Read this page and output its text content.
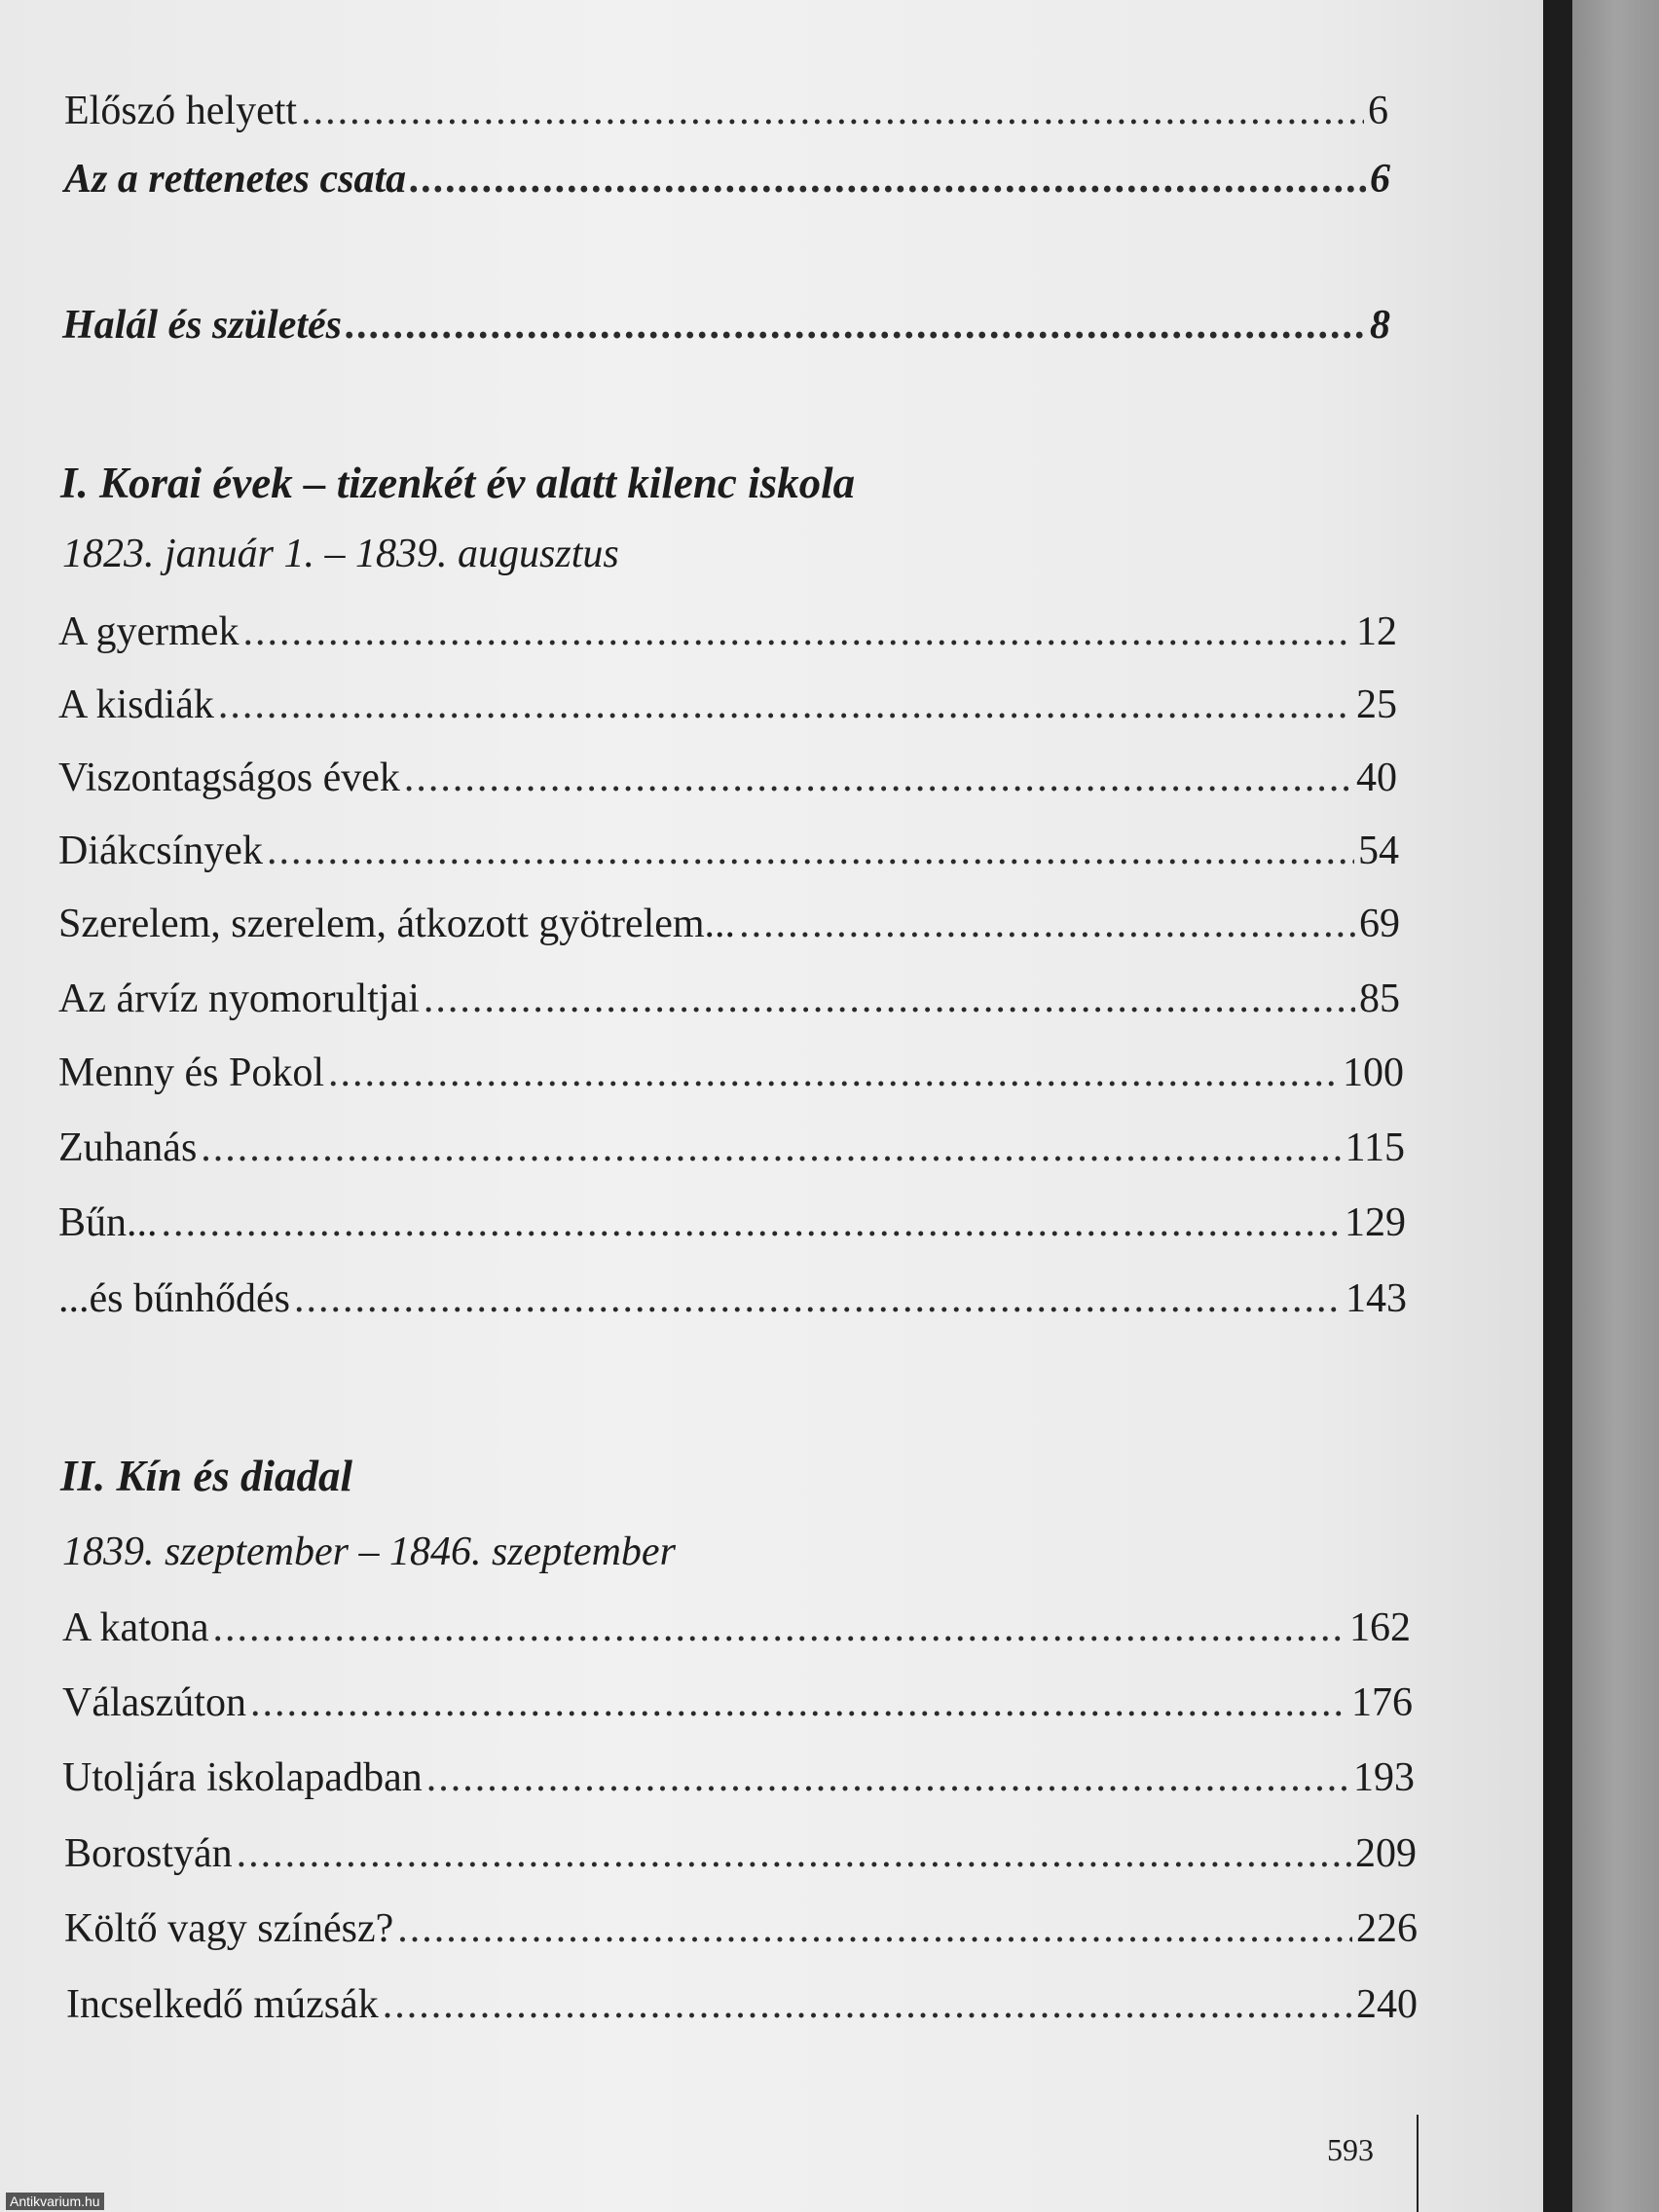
Előszó helyett .....	6
Az a rettenetes csata .....	6
Halál és születés .....	8
I. Korai évek – tizenkét év alatt kilenc iskola
1823. január 1. – 1839. augusztus
A gyermek .....	12
A kisdiák .....	25
Viszontagságos évek .....	40
Diákcsínyek .....	54
Szerelem, szerelem, átkozott gyötrelem... .....	69
Az árvíz nyomorultjai .....	85
Menny és Pokol .....	100
Zuhanás .....	115
Bűn... .....	129
...és bűnhődés .....	143
II. Kín és diadal
1839. szeptember – 1846. szeptember
A katona .....	162
Válaszúton .....	176
Utoljára iskolapadban .....	193
Borostyán .....	209
Költő vagy színész? .....	226
Incselkedő múzsák .....	240
593
Antikvarium.hu
